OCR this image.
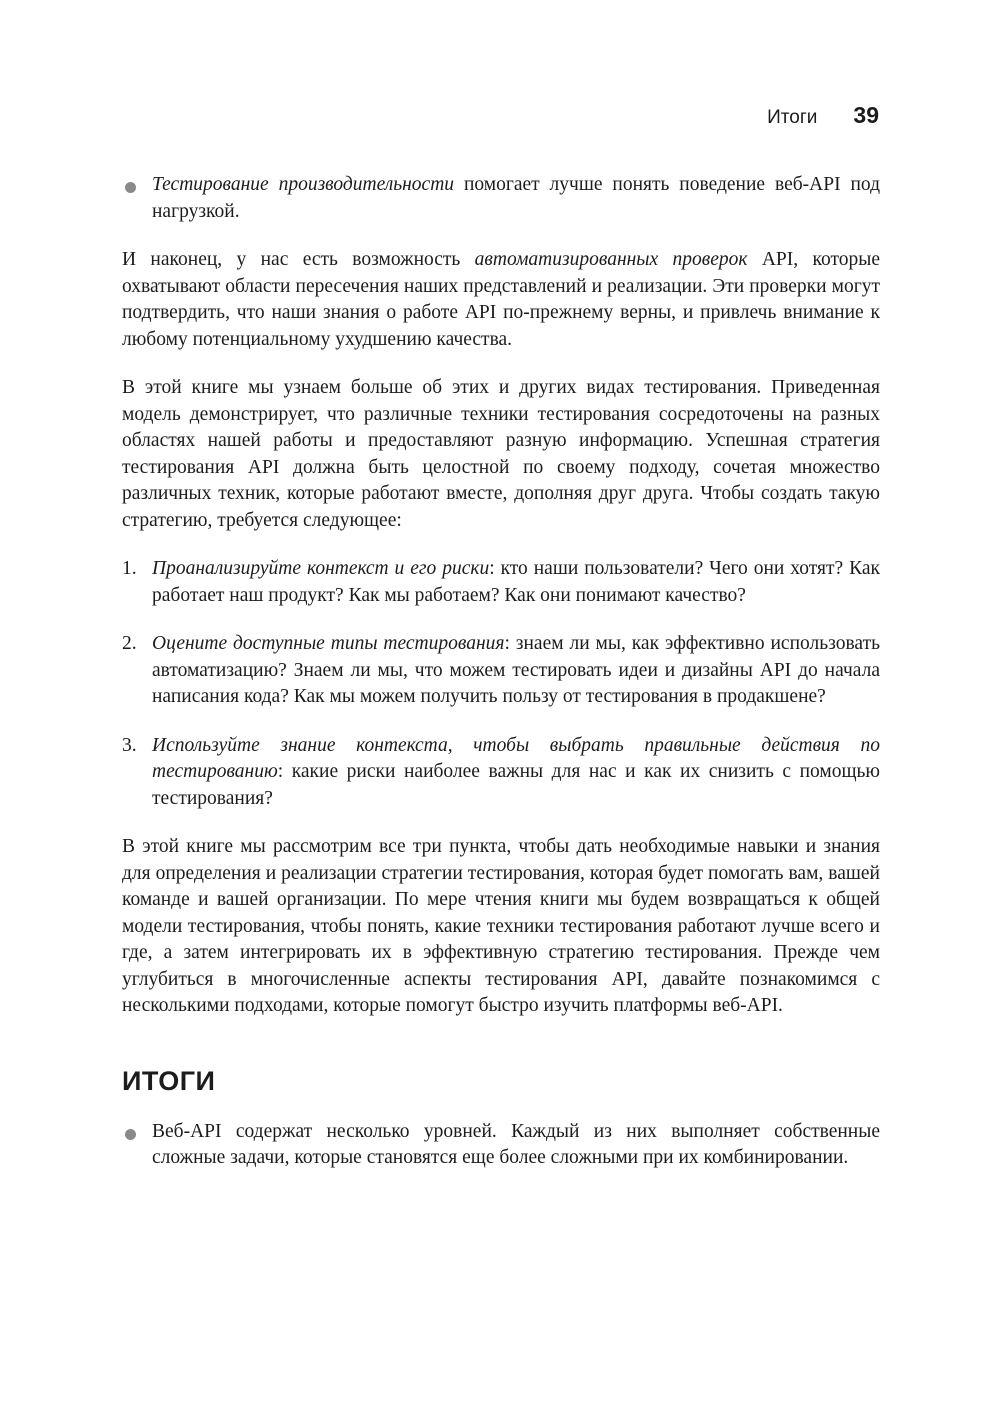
Итоги 39
Тестирование производительности помогает лучше понять поведение веб-API под нагрузкой.

И наконец, у нас есть возможность автоматизированных проверок API, которые охватывают области пересечения наших представлений и реализации. Эти проверки могут подтвердить, что наши знания о работе API по-прежнему верны, и привлечь внимание к любому потенциальному ухудшению качества.

В этой книге мы узнаем больше об этих и других видах тестирования. Приведенная модель демонстрирует, что различные техники тестирования сосредоточены на разных областях нашей работы и предоставляют разную информацию. Успешная стратегия тестирования API должна быть целостной по своему подходу, сочетая множество различных техник, которые работают вместе, дополняя друг друга. Чтобы создать такую стратегию, требуется следующее:

1. Проанализируйте контекст и его риски: кто наши пользователи? Чего они хотят? Как работает наш продукт? Как мы работаем? Как они понимают качество?
2. Оцените доступные типы тестирования: знаем ли мы, как эффективно использовать автоматизацию? Знаем ли мы, что можем тестировать идеи и дизайны API до начала написания кода? Как мы можем получить пользу от тестирования в продакшене?
3. Используйте знание контекста, чтобы выбрать правильные действия по тестированию: какие риски наиболее важны для нас и как их снизить с помощью тестирования?

В этой книге мы рассмотрим все три пункта, чтобы дать необходимые навыки и знания для определения и реализации стратегии тестирования, которая будет помогать вам, вашей команде и вашей организации. По мере чтения книги мы будем возвращаться к общей модели тестирования, чтобы понять, какие техники тестирования работают лучше всего и где, а затем интегрировать их в эффективную стратегию тестирования. Прежде чем углубиться в многочисленные аспекты тестирования API, давайте познакомимся с несколькими подходами, которые помогут быстро изучить платформы веб-API.

ИТОГИ
Веб-API содержат несколько уровней. Каждый из них выполняет собственные сложные задачи, которые становятся еще более сложными при их комбинировании.
